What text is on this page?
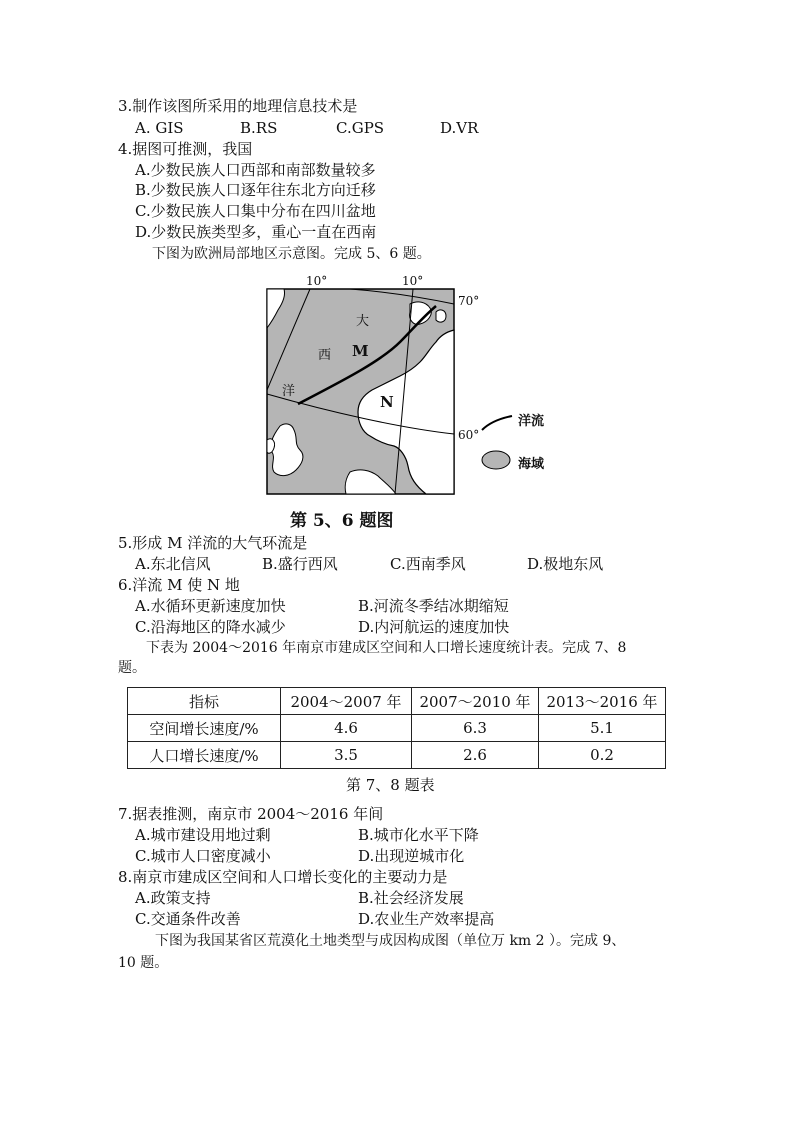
3.制作该图所采用的地理信息技术是
A. GIS	B.RS	C.GPS	D.VR
4.据图可推测，我国
A.少数民族人口西部和南部数量较多
B.少数民族人口逐年往东北方向迁移
C.少数民族人口集中分布在四川盆地
D.少数民族类型多，重心一直在西南
下图为欧洲局部地区示意图。完成 5、6 题。
10°	10°
70°
60°
大
西
洋
M
N
洋流
海域
第 5、6 题图
5.形成 M 洋流的大气环流是
A.东北信风	B.盛行西风	C.西南季风	D.极地东风
6.洋流 M 使 N 地
A.水循环更新速度加快	B.河流冬季结冰期缩短
C.沿海地区的降水减少	D.内河航运的速度加快
下表为 2004～2016 年南京市建成区空间和人口增长速度统计表。完成 7、8
题。
指标	2004～2007 年	2007～2010 年	2013～2016 年
空间增长速度/%	4.6	6.3	5.1
人口增长速度/%	3.5	2.6	0.2
第 7、8 题表
7.据表推测，南京市 2004～2016 年间
A.城市建设用地过剩	B.城市化水平下降
C.城市人口密度减小	D.出现逆城市化
8.南京市建成区空间和人口增长变化的主要动力是
A.政策支持	B.社会经济发展
C.交通条件改善	D.农业生产效率提高
下图为我国某省区荒漠化土地类型与成因构成图（单位万 km 2 ）。完成 9、
10 题。
